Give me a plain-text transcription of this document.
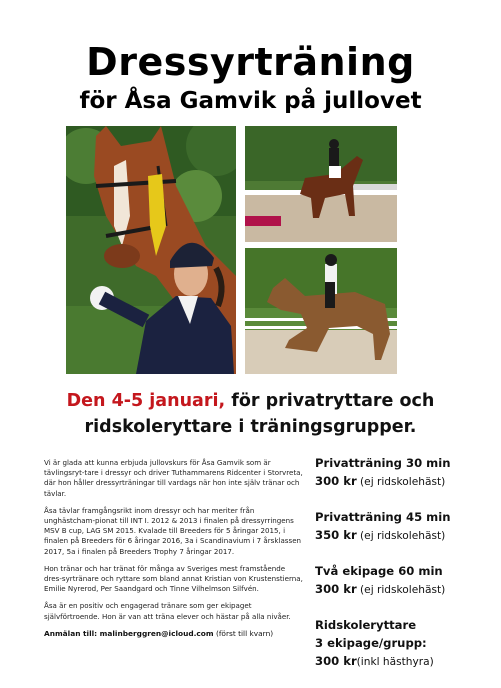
Dressyrträning
för Åsa Gamvik på jullovet
Den 4-5 januari, för privatryttare och
ridskoleryttare i träningsgrupper.

Vi är glada att kunna erbjuda jullovskurs för Åsa Gamvik som är tävlingsryt-tare i dressyr och driver Tuthammarens Ridcenter i Storvreta, där hon håller dressyrträningar till vardags när hon inte själv tränar och tävlar.

Åsa tävlar framgångsrikt inom dressyr och har meriter från unghästcham-pionat till INT I. 2012 & 2013 i finalen på dressyrringens MSV B cup, LAG SM 2015. Kvalade till Breeders för 5 åringar 2015, i finalen på Breeders för 6 åringar 2016, 3a i Scandinavium i 7 årsklassen 2017, 5a i finalen på Breeders Trophy 7 åringar 2017.

Hon tränar och har tränat för många av Sveriges mest framstående dres-syrtränare och ryttare som bland annat Kristian von Krustenstierna, Emilie Nyrerod, Per Saandgard och Tinne Vilhelmson Silfvén.

Åsa är en positiv och engagerad tränare som ger ekipaget självförtroende. Hon är van att träna elever och hästar på alla nivåer.

Anmälan till: malinberggren@icloud.com (först till kvarn)

Privatträning 30 min
300 kr (ej ridskolehäst)
Privatträning 45 min
350 kr (ej ridskolehäst)
Två ekipage 60 min
300 kr (ej ridskolehäst)
Ridskoleryttare
3 ekipage/grupp:
300 kr(inkl hästhyra)
